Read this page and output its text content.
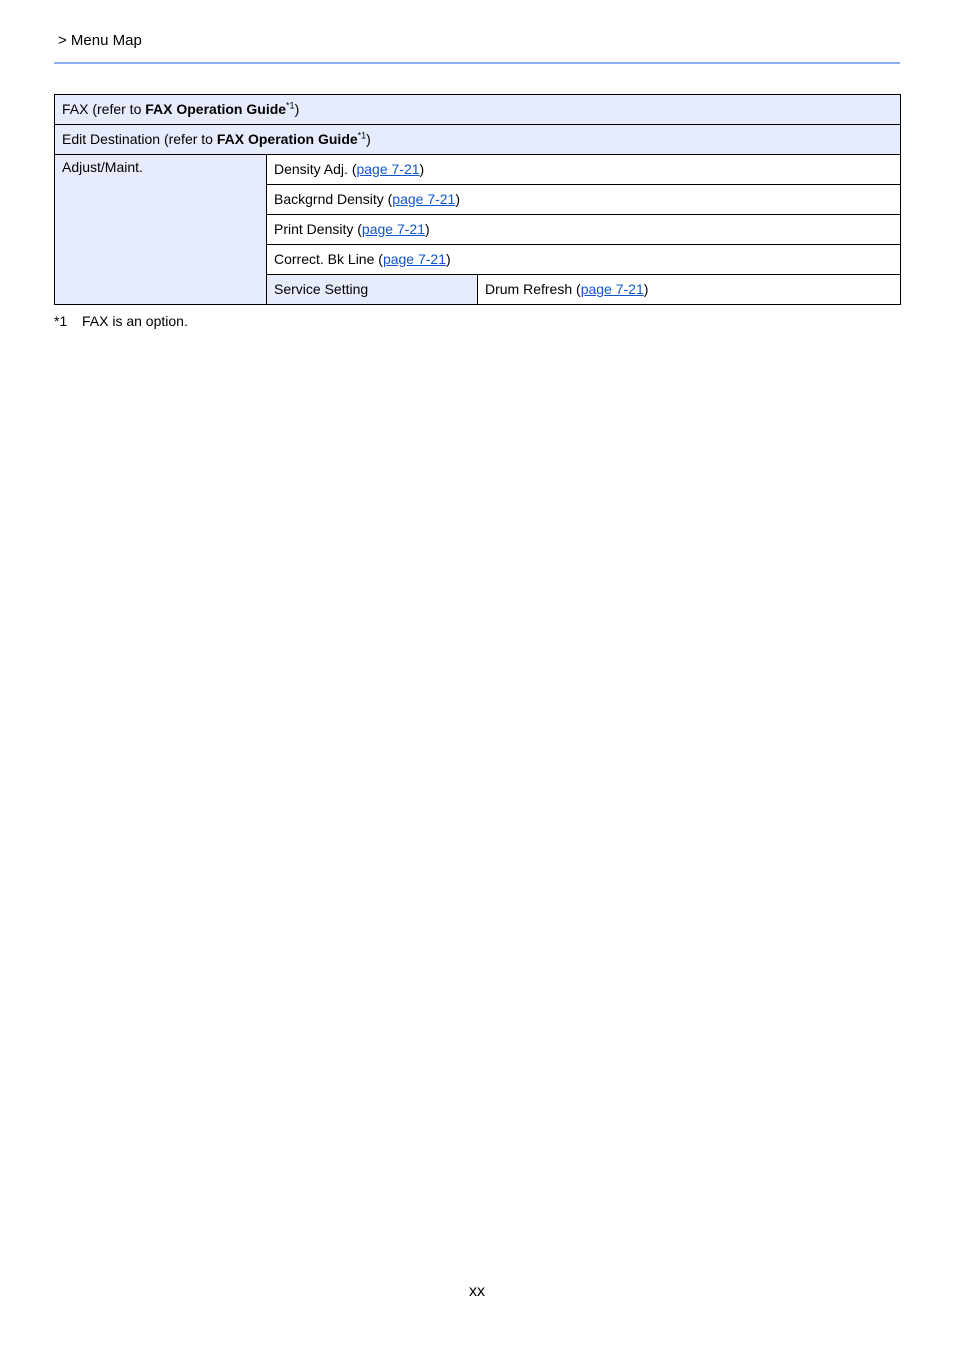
> Menu Map
FAX (refer to FAX Operation Guide$^{*1}$)		
Edit Destination (refer to FAX Operation Guide$^{*1}$)		
Adjust/Maint.	Density Adj. (page 7-21)	
	Backgrnd Density (page 7-21)	
	Print Density (page 7-21)	
	Correct. Bk Line (page 7-21)	
	Service Setting	Drum Refresh (page 7-21)
*1 FAX is an option.
xx
